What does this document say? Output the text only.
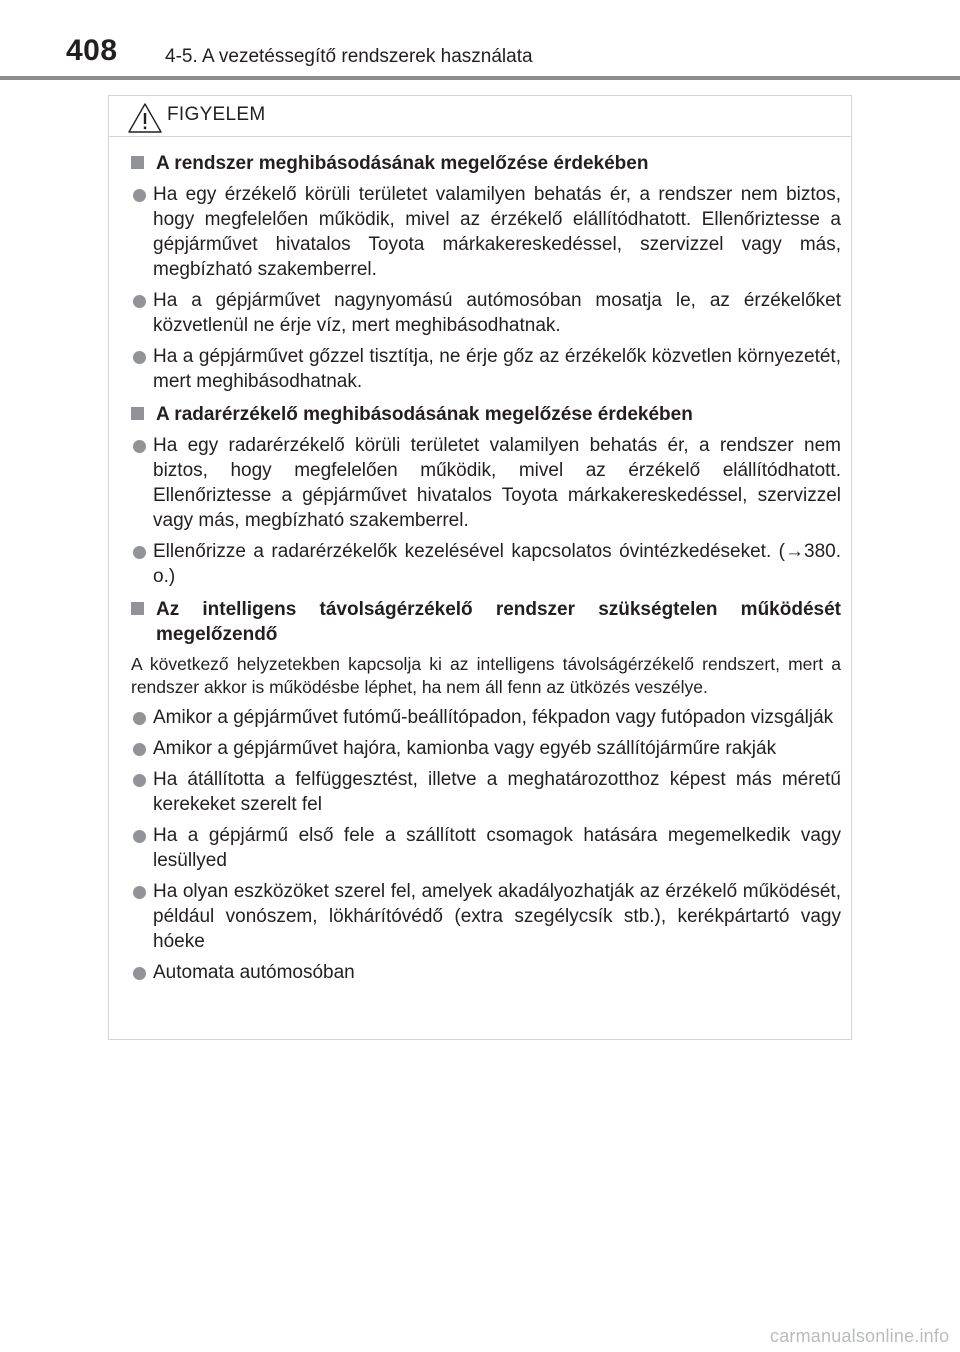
408 4-5. A vezetéssegítő rendszerek használata
FIGYELEM
A rendszer meghibásodásának megelőzése érdekében
Ha egy érzékelő körüli területet valamilyen behatás ér, a rendszer nem biztos, hogy megfelelően működik, mivel az érzékelő elállítódhatott. Ellenőriztesse a gépjárművet hivatalos Toyota márkakereskedéssel, szervizzel vagy más, megbízható szakemberrel.
Ha a gépjárművet nagynyomású autómosóban mosatja le, az érzékelőket közvetlenül ne érje víz, mert meghibásodhatnak.
Ha a gépjárművet gőzzel tisztítja, ne érje gőz az érzékelők közvetlen környezetét, mert meghibásodhatnak.
A radarérzékelő meghibásodásának megelőzése érdekében
Ha egy radarérzékelő körüli területet valamilyen behatás ér, a rendszer nem biztos, hogy megfelelően működik, mivel az érzékelő elállítódhatott. Ellenőriztesse a gépjárművet hivatalos Toyota márkakereskedéssel, szervizzel vagy más, megbízható szakemberrel.
Ellenőrizze a radarérzékelők kezelésével kapcsolatos óvintézkedéseket. (→380. o.)
Az intelligens távolságérzékelő rendszer szükségtelen működését megelőzendő
A következő helyzetekben kapcsolja ki az intelligens távolságérzékelő rendszert, mert a rendszer akkor is működésbe léphet, ha nem áll fenn az ütközés veszélye.
Amikor a gépjárművet futómű-beállítópadon, fékpadon vagy futópadon vizsgálják
Amikor a gépjárművet hajóra, kamionba vagy egyéb szállítójárműre rakják
Ha átállította a felfüggesztést, illetve a meghatározotthoz képest más méretű kerekeket szerelt fel
Ha a gépjármű első fele a szállított csomagok hatására megemelkedik vagy lesüllyed
Ha olyan eszközöket szerel fel, amelyek akadályozhatják az érzékelő működését, például vonószem, lökhárítóvédő (extra szegélycsík stb.), kerékpártartó vagy hóeke
Automata autómosóban
carmanualsonline.info
